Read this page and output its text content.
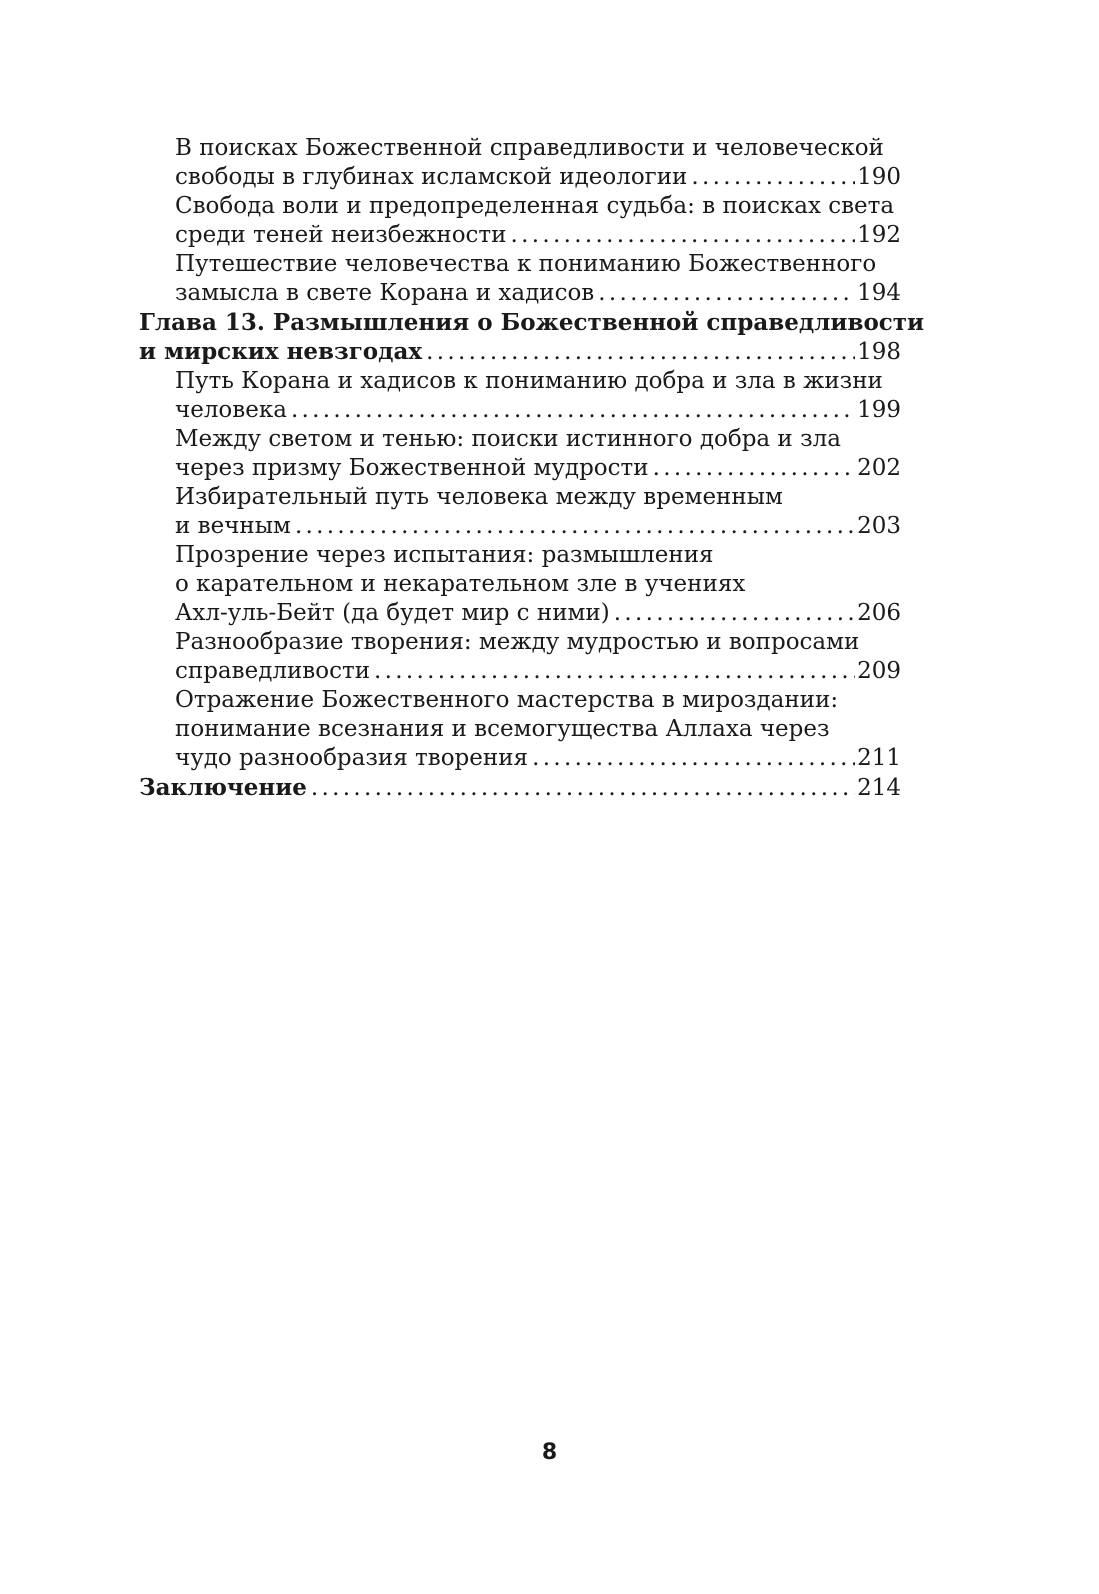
В поисках Божественной справедливости и человеческой
свободы в глубинах исламской идеологии . . .	190
Свобода воли и предопределенная судьба: в поисках света
среди теней неизбежности . . .	192
Путешествие человечества к пониманию Божественного
замысла в свете Корана и хадисов . . .	194
Глава 13. Размышления о Божественной справедливости
и мирских невзгодах . . .	198
Путь Корана и хадисов к пониманию добра и зла в жизни
человека . . .	199
Между светом и тенью: поиски истинного добра и зла
через призму Божественной мудрости . . .	202
Избирательный путь человека между временным
и вечным . . .	203
Прозрение через испытания: размышления
о карательном и некарательном зле в учениях
Ахл-уль-Бейт (да будет мир с ними) . . .	206
Разнообразие творения: между мудростью и вопросами
справедливости . . .	209
Отражение Божественного мастерства в мироздании:
понимание всезнания и всемогущества Аллаха через
чудо разнообразия творения . . .	211
Заключение . . .	214
8
